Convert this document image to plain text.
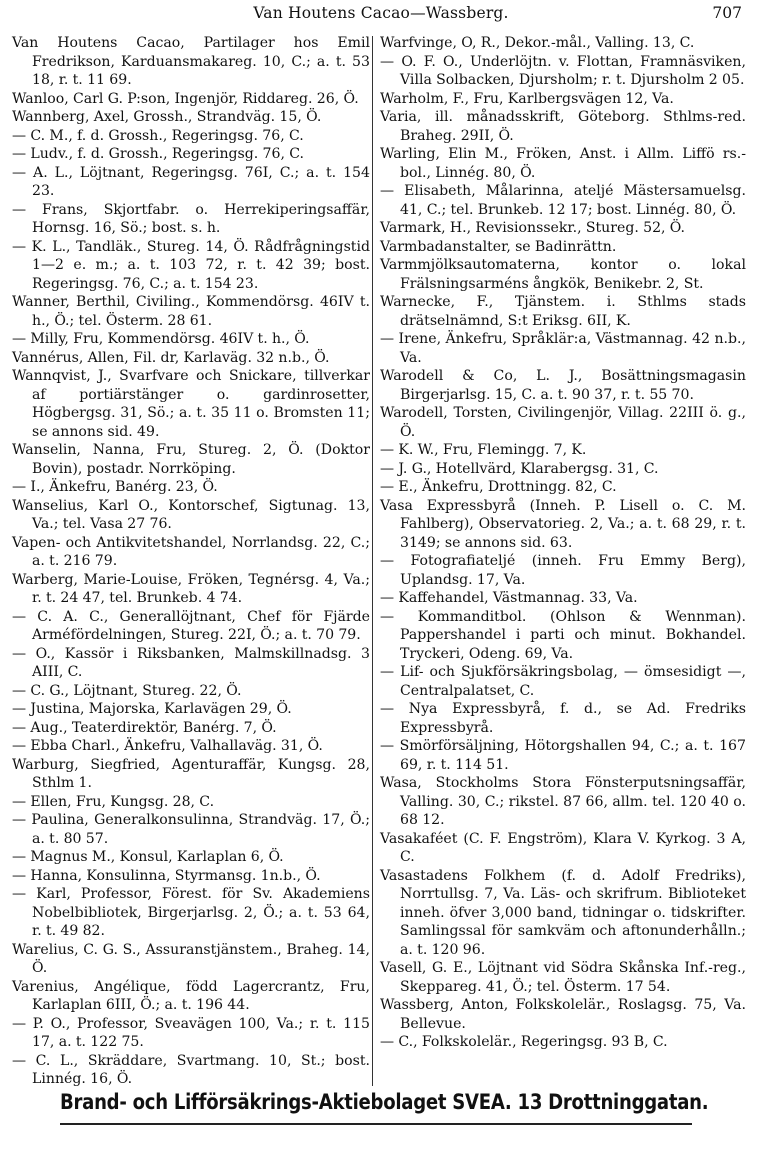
Van Houtens Cacao—Wassberg.	707
Van Houtens Cacao, Partilager hos Emil Fredrikson, Karduansmakareg. 10, C.; a. t. 53 18, r. t. 11 69.
Wanloo, Carl G. P:son, Ingenjör, Riddareg. 26, Ö.
Wannberg, Axel, Grossh., Strandväg. 15, Ö.
— C. M., f. d. Grossh., Regeringsg. 76, C.
— Ludv., f. d. Grossh., Regeringsg. 76, C.
— A. L., Löjtnant, Regeringsg. 76I, C.; a. t. 154 23.
— Frans, Skjortfabr. o. Herrekiperingsaffär, Hornsg. 16, Sö.; bost. s. h.
— K. L., Tandläk., Stureg. 14, Ö. Rådfrågningstid 1—2 e. m.; a. t. 103 72, r. t. 42 39; bost. Regeringsg. 76, C.; a. t. 154 23.
Wanner, Berthil, Civiling., Kommendörsg. 46IV t. h., Ö.; tel. Österm. 28 61.
— Milly, Fru, Kommendörsg. 46IV t. h., Ö.
Vannérus, Allen, Fil. dr, Karlaväg. 32 n.b., Ö.
Wannqvist, J., Svarfvare och Snickare, tillverkar af portiärstänger o. gardinrosetter, Högbergsg. 31, Sö.; a. t. 35 11 o. Bromsten 11; se annons sid. 49.
Wanselin, Nanna, Fru, Stureg. 2, Ö. (Doktor Bovin), postadr. Norrköping.
— I., Änkefru, Banérg. 23, Ö.
Wanselius, Karl O., Kontorschef, Sigtunag. 13, Va.; tel. Vasa 27 76.
Vapen- och Antikvitetshandel, Norrlandsg. 22, C.; a. t. 216 79.
Warberg, Marie-Louise, Fröken, Tegnérsg. 4, Va.; r. t. 24 47, tel. Brunkeb. 4 74.
— C. A. C., Generallöjtnant, Chef för Fjärde Arméfördelningen, Stureg. 22I, Ö.; a. t. 70 79.
— O., Kassör i Riksbanken, Malmskillnadsg. 3 AIII, C.
— C. G., Löjtnant, Stureg. 22, Ö.
— Justina, Majorska, Karlavägen 29, Ö.
— Aug., Teaterdirektör, Banérg. 7, Ö.
— Ebba Charl., Änkefru, Valhallaväg. 31, Ö.
Warburg, Siegfried, Agenturaffär, Kungsg. 28, Sthlm 1.
— Ellen, Fru, Kungsg. 28, C.
— Paulina, Generalkonsulinna, Strandväg. 17, Ö.; a. t. 80 57.
— Magnus M., Konsul, Karlaplan 6, Ö.
— Hanna, Konsulinna, Styrmansg. 1n.b., Ö.
— Karl, Professor, Förest. för Sv. Akademiens Nobelbibliotek, Birgerjarlsg. 2, Ö.; a. t. 53 64, r. t. 49 82.
Warelius, C. G. S., Assuranstjänstem., Braheg. 14, Ö.
Varenius, Angélique, född Lagercrantz, Fru, Karlaplan 6III, Ö.; a. t. 196 44.
— P. O., Professor, Sveavägen 100, Va.; r. t. 115 17, a. t. 122 75.
— C. L., Skräddare, Svartmang. 10, St.; bost. Linnég. 16, Ö.
Warfvinge, O, R., Dekor.-mål., Valling. 13, C.
— O. F. O., Underlöjtn. v. Flottan, Framnäsviken, Villa Solbacken, Djursholm; r. t. Djursholm 2 05.
Warholm, F., Fru, Karlbergsvägen 12, Va.
Varia, ill. månadsskrift, Göteborg. Sthlms-red. Braheg. 29II, Ö.
Warling, Elin M., Fröken, Anst. i Allm. Liffö rs.-bol., Linnég. 80, Ö.
— Elisabeth, Målarinna, ateljé Mästersamuelsg. 41, C.; tel. Brunkeb. 12 17; bost. Linnég. 80, Ö.
Varmark, H., Revisionssekr., Stureg. 52, Ö.
Varmbadanstalter, se Badinrättn.
Varmmjölksautomaterna, kontor o. lokal Frälsningsarméns ångkök, Benikebr. 2, St.
Warnecke, F., Tjänstem. i. Sthlms stads drätselnämnd, S:t Eriksg. 6II, K.
— Irene, Änkefru, Språklär:a, Västmannag. 42 n.b., Va.
Warodell & Co, L. J., Bosättningsmagasin Birgerjarlsg. 15, C. a. t. 90 37, r. t. 55 70.
Warodell, Torsten, Civilingenjör, Villag. 22III ö. g., Ö.
— K. W., Fru, Flemingg. 7, K.
— J. G., Hotellvärd, Klarabergsg. 31, C.
— E., Änkefru, Drottningg. 82, C.
Vasa Expressbyrå (Inneh. P. Lisell o. C. M. Fahlberg), Observatorieg. 2, Va.; a. t. 68 29, r. t. 3149; se annons sid. 63.
— Fotografiateljé (inneh. Fru Emmy Berg), Uplandsg. 17, Va.
— Kaffehandel, Västmannag. 33, Va.
— Kommanditbol. (Ohlson & Wennman). Pappershandel i parti och minut. Bokhandel. Tryckeri, Odeng. 69, Va.
— Lif- och Sjukförsäkringsbolag, — ömsesidigt —, Centralpalatset, C.
— Nya Expressbyrå, f. d., se Ad. Fredriks Expressbyrå.
— Smörförsäljning, Hötorgshallen 94, C.; a. t. 167 69, r. t. 114 51.
Wasa, Stockholms Stora Fönsterputsningsaffär, Valling. 30, C.; rikstel. 87 66, allm. tel. 120 40 o. 68 12.
Vasakaféet (C. F. Engström), Klara V. Kyrkog. 3 A, C.
Vasastadens Folkhem (f. d. Adolf Fredriks), Norrtullsg. 7, Va. Läs- och skrifrum. Biblioteket inneh. öfver 3,000 band, tidningar o. tidskrifter. Samlingssal för samkväm och aftonunderhålln.; a. t. 120 96.
Vasell, G. E., Löjtnant vid Södra Skånska Inf.-reg., Skeppareg. 41, Ö.; tel. Österm. 17 54.
Wassberg, Anton, Folkskolelär., Roslagsg. 75, Va. Bellevue.
— C., Folkskolelär., Regeringsg. 93 B, C.
Brand- och Lifförsäkrings-Aktiebolaget SVEA. 13 Drottninggatan.
